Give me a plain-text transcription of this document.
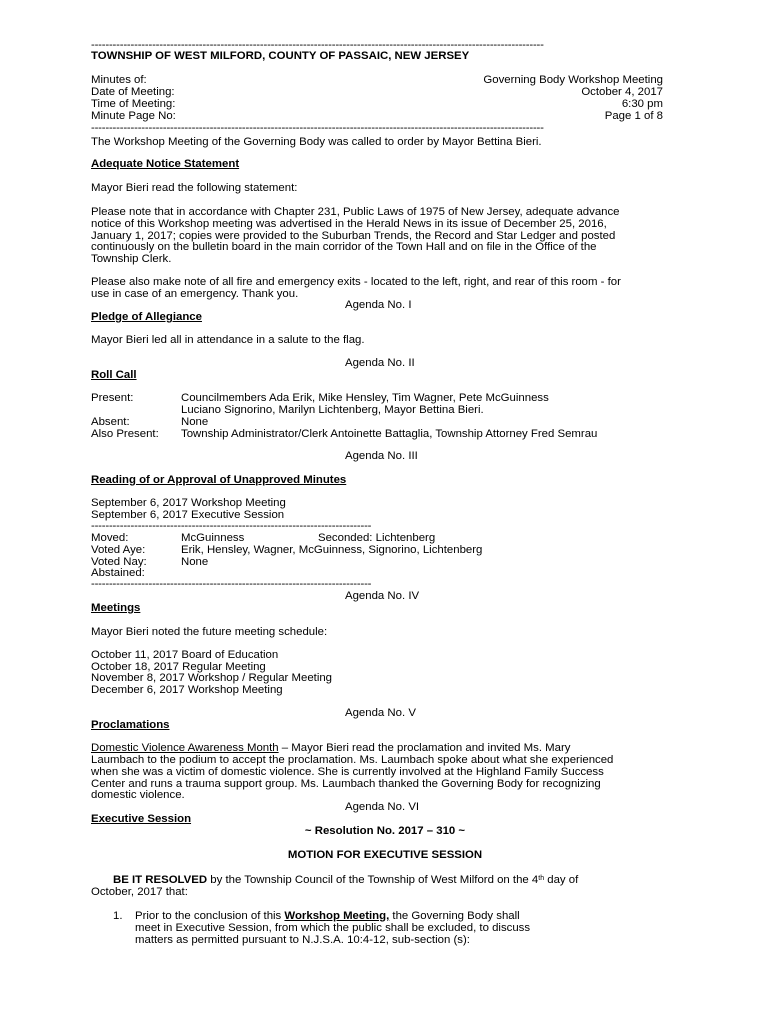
------------------------------------------------------------------------------------------------------------------------------
TOWNSHIP OF WEST MILFORD, COUNTY OF PASSAIC, NEW JERSEY
Minutes of:	Governing Body Workshop Meeting
Date of Meeting:	October 4, 2017
Time of Meeting:	6:30 pm
Minute Page No:	Page 1 of 8
------------------------------------------------------------------------------------------------------------------------------
The Workshop Meeting of the Governing Body was called to order by Mayor Bettina Bieri.
Adequate Notice Statement
Mayor Bieri read the following statement:
Please note that in accordance with Chapter 231, Public Laws of 1975 of New Jersey, adequate advance
notice of this Workshop meeting was advertised in the Herald News in its issue of December 25, 2016,
January 1, 2017; copies were provided to the Suburban Trends, the Record and Star Ledger and posted
continuously on the bulletin board in the main corridor of the Town Hall and on file in the Office of the
Township Clerk.
Please also make note of all fire and emergency exits - located to the left, right, and rear of this room - for
use in case of an emergency. Thank you.
Agenda No. I
Pledge of Allegiance
Mayor Bieri led all in attendance in a salute to the flag.
Agenda No. II
Roll Call
Present:	Councilmembers Ada Erik, Mike Hensley, Tim Wagner, Pete McGuinness
Luciano Signorino, Marilyn Lichtenberg, Mayor Bettina Bieri.
Absent:	None
Also Present: Township Administrator/Clerk Antoinette Battaglia, Township Attorney Fred Semrau
Agenda No. III
Reading of or Approval of Unapproved Minutes
September 6, 2017 Workshop Meeting
September 6, 2017 Executive Session
------------------------------------------------------------------------------
Moved:	McGuinness	Seconded: Lichtenberg
Voted Aye:	Erik, Hensley, Wagner, McGuinness, Signorino, Lichtenberg
Voted Nay:	None
Abstained:
------------------------------------------------------------------------------
Agenda No. IV
Meetings
Mayor Bieri noted the future meeting schedule:
October 11, 2017 Board of Education
October 18, 2017 Regular Meeting
November 8, 2017 Workshop / Regular Meeting
December 6, 2017 Workshop Meeting
Agenda No. V
Proclamations
Domestic Violence Awareness Month – Mayor Bieri read the proclamation and invited Ms. Mary
Laumbach to the podium to accept the proclamation. Ms. Laumbach spoke about what she experienced
when she was a victim of domestic violence. She is currently involved at the Highland Family Success
Center and runs a trauma support group. Ms. Laumbach thanked the Governing Body for recognizing
domestic violence.
Agenda No. VI
Executive Session
~ Resolution No. 2017 – 310 ~
MOTION FOR EXECUTIVE SESSION
BE IT RESOLVED by the Township Council of the Township of West Milford on the 4th day of
October, 2017 that:
1. Prior to the conclusion of this Workshop Meeting, the Governing Body shall
meet in Executive Session, from which the public shall be excluded, to discuss
matters as permitted pursuant to N.J.S.A. 10:4-12, sub-section (s):
